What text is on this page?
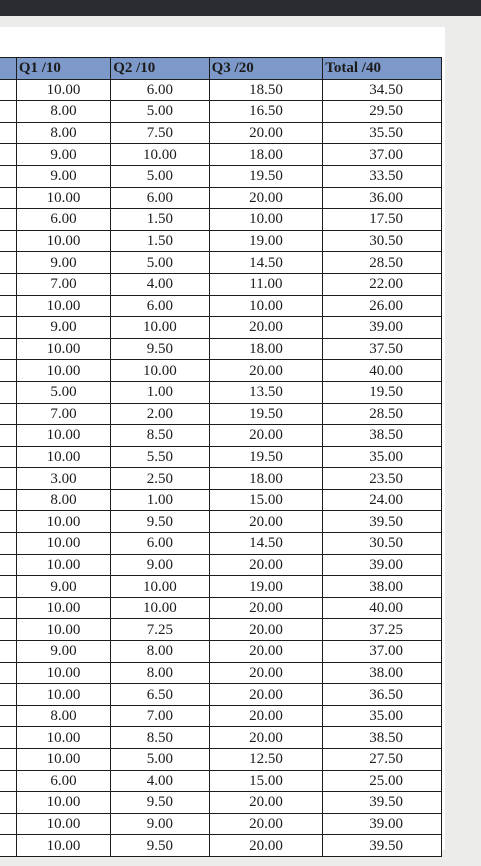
	Q1 /10	Q2 /10	Q3 /20	Total /40
	10.00	6.00	18.50	34.50
	8.00	5.00	16.50	29.50
	8.00	7.50	20.00	35.50
	9.00	10.00	18.00	37.00
	9.00	5.00	19.50	33.50
	10.00	6.00	20.00	36.00
	6.00	1.50	10.00	17.50
	10.00	1.50	19.00	30.50
	9.00	5.00	14.50	28.50
	7.00	4.00	11.00	22.00
	10.00	6.00	10.00	26.00
	9.00	10.00	20.00	39.00
	10.00	9.50	18.00	37.50
	10.00	10.00	20.00	40.00
	5.00	1.00	13.50	19.50
	7.00	2.00	19.50	28.50
	10.00	8.50	20.00	38.50
	10.00	5.50	19.50	35.00
	3.00	2.50	18.00	23.50
	8.00	1.00	15.00	24.00
	10.00	9.50	20.00	39.50
	10.00	6.00	14.50	30.50
	10.00	9.00	20.00	39.00
	9.00	10.00	19.00	38.00
	10.00	10.00	20.00	40.00
	10.00	7.25	20.00	37.25
	9.00	8.00	20.00	37.00
	10.00	8.00	20.00	38.00
	10.00	6.50	20.00	36.50
	8.00	7.00	20.00	35.00
	10.00	8.50	20.00	38.50
	10.00	5.00	12.50	27.50
	6.00	4.00	15.00	25.00
	10.00	9.50	20.00	39.50
	10.00	9.00	20.00	39.00
	10.00	9.50	20.00	39.50
